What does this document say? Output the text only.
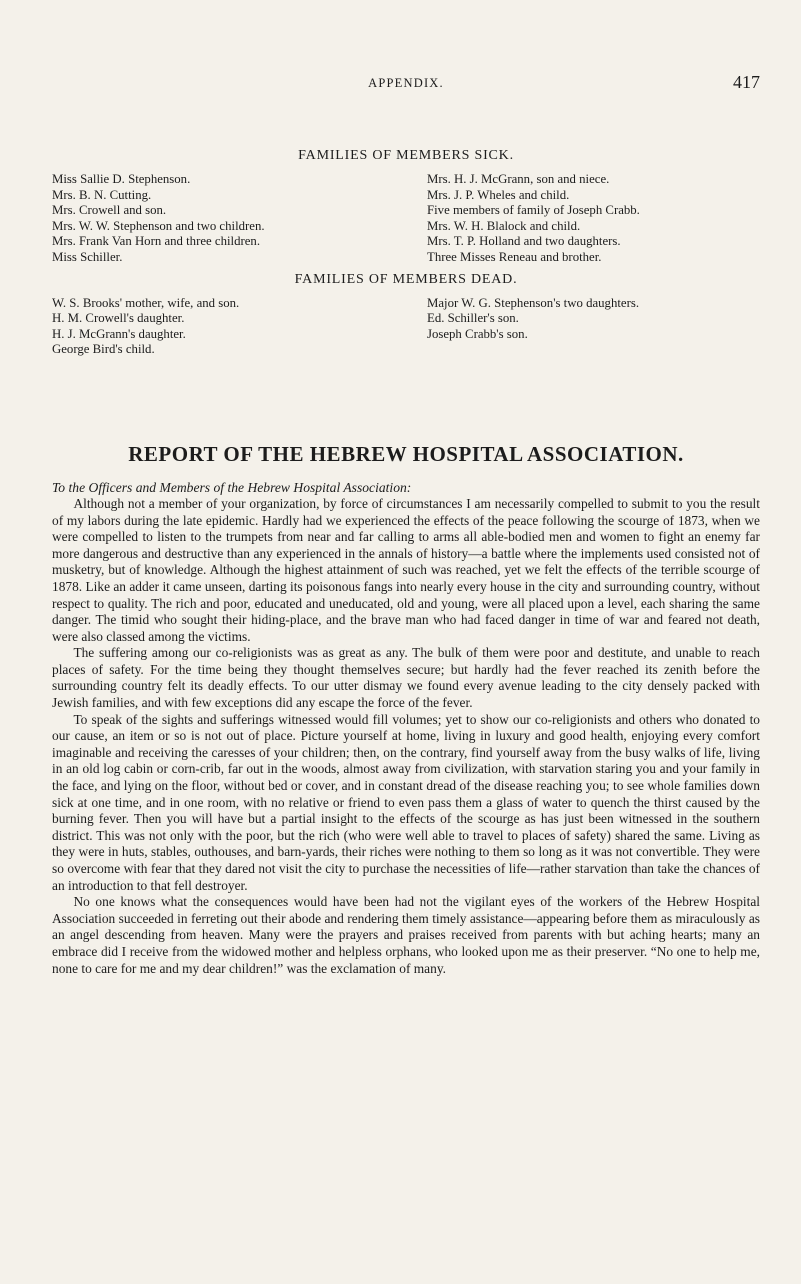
APPENDIX.	417
FAMILIES OF MEMBERS SICK.
Miss Sallie D. Stephenson.
Mrs. B. N. Cutting.
Mrs. Crowell and son.
Mrs. W. W. Stephenson and two children.
Mrs. Frank Van Horn and three children.
Miss Schiller.
Mrs. H. J. McGrann, son and niece.
Mrs. J. P. Wheles and child.
Five members of family of Joseph Crabb.
Mrs. W. H. Blalock and child.
Mrs. T. P. Holland and two daughters.
Three Misses Reneau and brother.
FAMILIES OF MEMBERS DEAD.
W. S. Brooks' mother, wife, and son.
H. M. Crowell's daughter.
H. J. McGrann's daughter.
George Bird's child.
Major W. G. Stephenson's two daughters.
Ed. Schiller's son.
Joseph Crabb's son.
REPORT OF THE HEBREW HOSPITAL ASSOCIATION.
To the Officers and Members of the Hebrew Hospital Association:

Although not a member of your organization, by force of circumstances I am necessarily compelled to submit to you the result of my labors during the late epidemic. Hardly had we experienced the effects of the peace following the scourge of 1873, when we were compelled to listen to the trumpets from near and far calling to arms all able-bodied men and women to fight an enemy far more dangerous and destructive than any experienced in the annals of history—a battle where the implements used consisted not of musketry, but of knowledge. Although the highest attainment of such was reached, yet we felt the effects of the terrible scourge of 1878. Like an adder it came unseen, darting its poisonous fangs into nearly every house in the city and surrounding country, without respect to quality. The rich and poor, educated and uneducated, old and young, were all placed upon a level, each sharing the same danger. The timid who sought their hiding-place, and the brave man who had faced danger in time of war and feared not death, were also classed among the victims.

The suffering among our co-religionists was as great as any. The bulk of them were poor and destitute, and unable to reach places of safety. For the time being they thought themselves secure; but hardly had the fever reached its zenith before the surrounding country felt its deadly effects. To our utter dismay we found every avenue leading to the city densely packed with Jewish families, and with few exceptions did any escape the force of the fever.

To speak of the sights and sufferings witnessed would fill volumes; yet to show our co-religionists and others who donated to our cause, an item or so is not out of place. Picture yourself at home, living in luxury and good health, enjoying every comfort imaginable and receiving the caresses of your children; then, on the contrary, find yourself away from the busy walks of life, living in an old log cabin or corn-crib, far out in the woods, almost away from civilization, with starvation staring you and your family in the face, and lying on the floor, without bed or cover, and in constant dread of the disease reaching you; to see whole families down sick at one time, and in one room, with no relative or friend to even pass them a glass of water to quench the thirst caused by the burning fever. Then you will have but a partial insight to the effects of the scourge as has just been witnessed in the southern district. This was not only with the poor, but the rich (who were well able to travel to places of safety) shared the same. Living as they were in huts, stables, outhouses, and barn-yards, their riches were nothing to them so long as it was not convertible. They were so overcome with fear that they dared not visit the city to purchase the necessities of life—rather starvation than take the chances of an introduction to that fell destroyer.

No one knows what the consequences would have been had not the vigilant eyes of the workers of the Hebrew Hospital Association succeeded in ferreting out their abode and rendering them timely assistance—appearing before them as miraculously as an angel descending from heaven. Many were the prayers and praises received from parents with but aching hearts; many an embrace did I receive from the widowed mother and helpless orphans, who looked upon me as their preserver. “No one to help me, none to care for me and my dear children!” was the exclamation of many.
